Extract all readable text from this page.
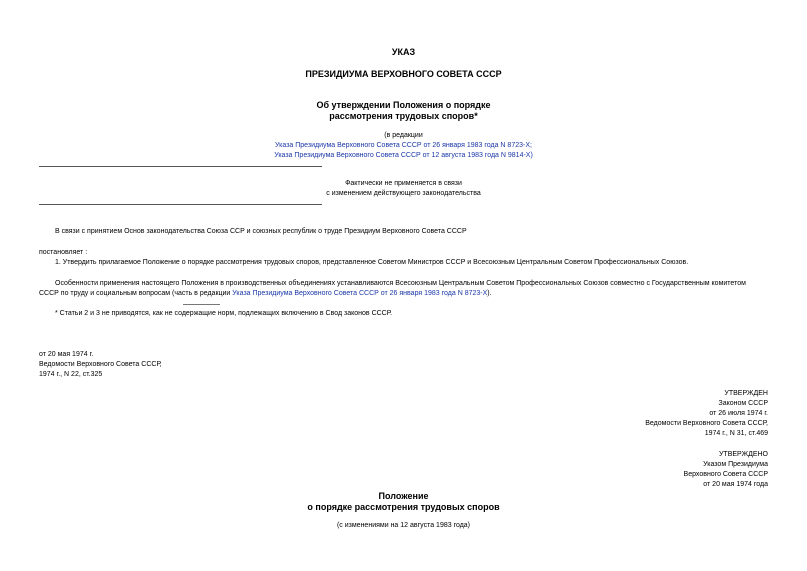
УКАЗ
ПРЕЗИДИУМА ВЕРХОВНОГО СОВЕТА СССР
Об утверждении Положения о порядке
рассмотрения трудовых споров*
(в редакции
Указа Президиума Верховного Совета СССР от 26 января 1983 года N 8723-X;
Указа Президиума Верховного Совета СССР от 12 августа 1983 года N 9814-X)
Фактически не применяется в связи
с изменением действующего законодательства
В связи с принятием Основ законодательства Союза ССР и союзных республик о труде Президиум Верховного Совета СССР
постановляет :
1. Утвердить прилагаемое Положение о порядке рассмотрения трудовых споров, представленное Советом Министров СССР и Всесоюзным Центральным Советом Профессиональных Союзов.
Особенности применения настоящего Положения в производственных объединениях устанавливаются Всесоюзным Центральным Советом Профессиональных Союзов совместно с Государственным комитетом
СССР по труду и социальным вопросам (часть в редакции Указа Президиума Верховного Совета СССР от 26 января 1983 года N 8723-X).
* Статьи 2 и 3 не приводятся, как не содержащие норм, подлежащих включению в Свод законов СССР.
от 20 мая 1974 г.
Ведомости Верховного Совета СССР,
1974 г., N 22, ст.325
УТВЕРЖДЕН
Законом СССР
от 26 июля 1974 г.
Ведомости Верховного Совета СССР,
1974 г., N 31, ст.469
УТВЕРЖДЕНО
Указом Президиума
Верховного Совета СССР
от 20 мая 1974 года
Положение
о порядке рассмотрения трудовых споров
(с изменениями на 12 августа 1983 года)
